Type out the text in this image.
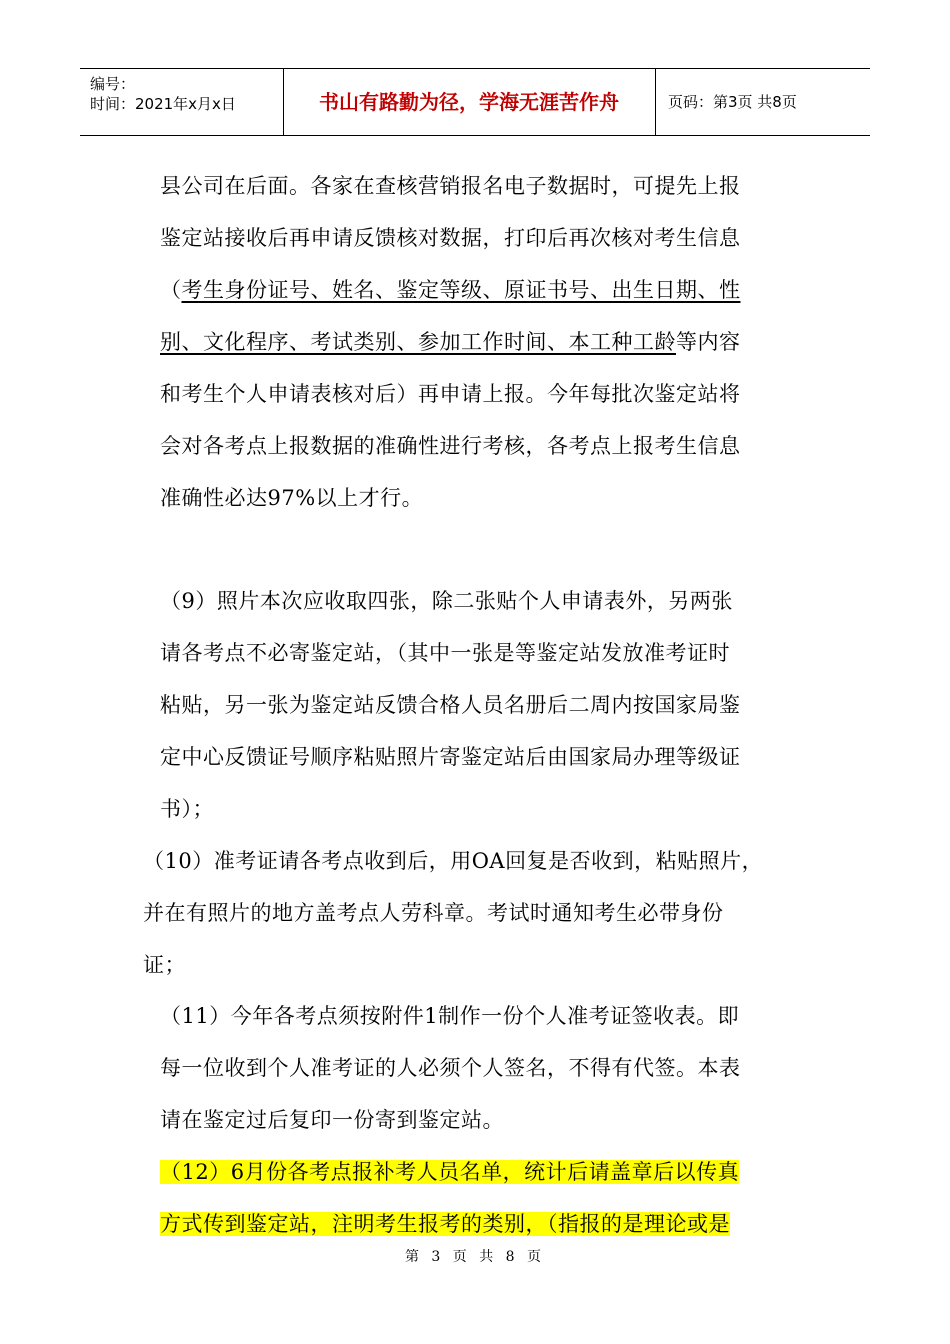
编号：
时间：2021年x月x日	书山有路勤为径，学海无涯苦作舟	页码：第3页 共8页
县公司在后面。各家在查核营销报名电子数据时，可提先上报
鉴定站接收后再申请反馈核对数据，打印后再次核对考生信息
（考生身份证号、姓名、鉴定等级、原证书号、出生日期、性
别、文化程序、考试类别、参加工作时间、本工种工龄等内容
和考生个人申请表核对后）再申请上报。今年每批次鉴定站将
会对各考点上报数据的准确性进行考核，各考点上报考生信息
准确性必达97%以上才行。
（9）照片本次应收取四张，除二张贴个人申请表外，另两张
请各考点不必寄鉴定站，（其中一张是等鉴定站发放准考证时
粘贴，另一张为鉴定站反馈合格人员名册后二周内按国家局鉴
定中心反馈证号顺序粘贴照片寄鉴定站后由国家局办理等级证
书）；
（10）准考证请各考点收到后，用OA回复是否收到，粘贴照片，
并在有照片的地方盖考点人劳科章。考试时通知考生必带身份
证；
（11）今年各考点须按附件1制作一份个人准考证签收表。即
每一位收到个人准考证的人必须个人签名，不得有代签。本表
请在鉴定过后复印一份寄到鉴定站。
（12）6月份各考点报补考人员名单，统计后请盖章后以传真
方式传到鉴定站，注明考生报考的类别，（指报的是理论或是
第 3 页 共 8 页
